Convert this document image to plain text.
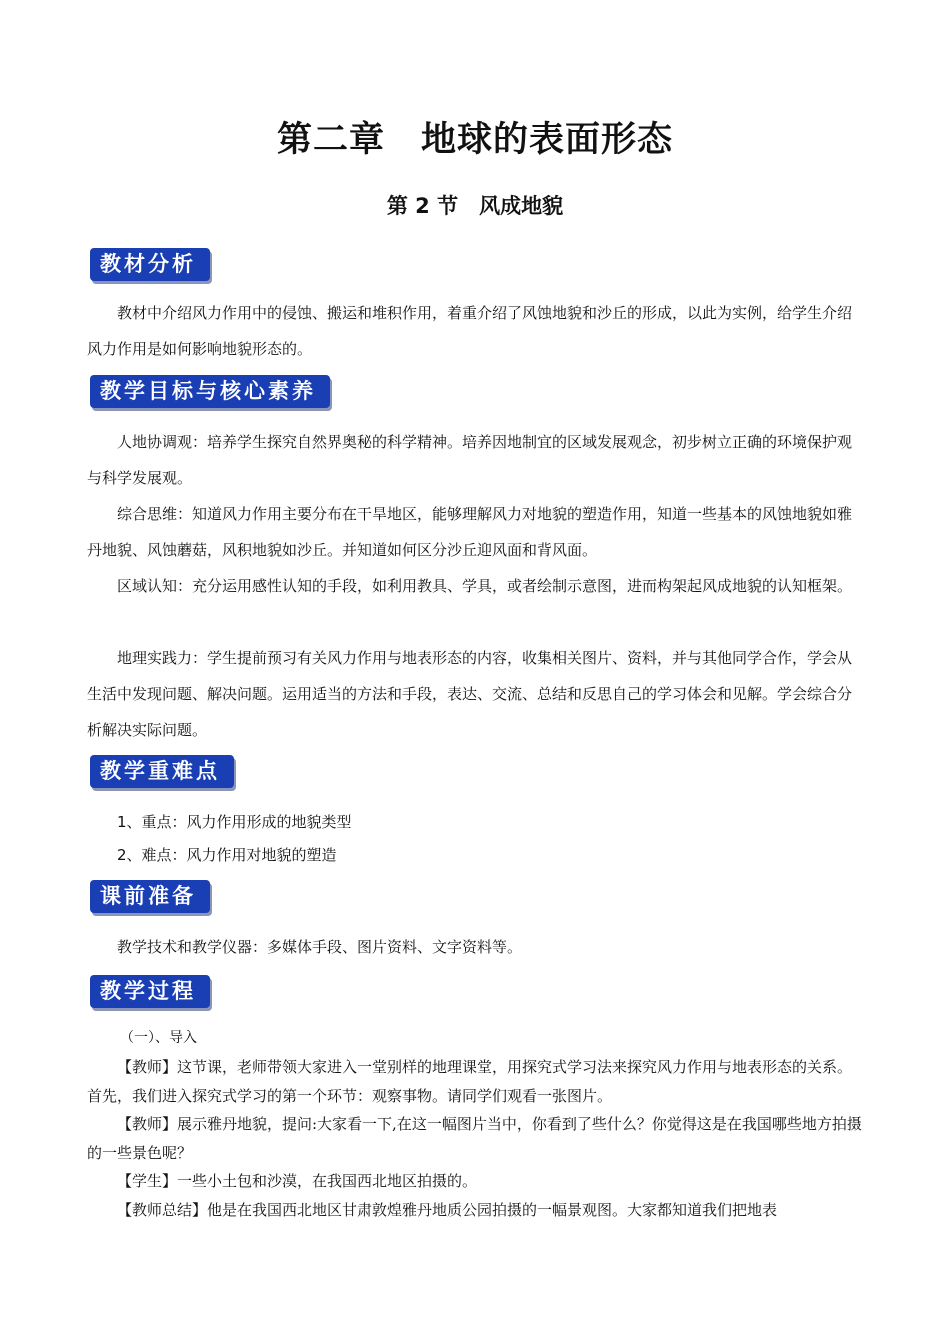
第二章　地球的表面形态
第 2 节　风成地貌
教材分析

教材中介绍风力作用中的侵蚀、搬运和堆积作用，着重介绍了风蚀地貌和沙丘的形成，以此为实例，给学生介绍风力作用是如何影响地貌形态的。

教学目标与核心素养

人地协调观：培养学生探究自然界奥秘的科学精神。培养因地制宜的区域发展观念，初步树立正确的环境保护观与科学发展观。

综合思维：知道风力作用主要分布在干旱地区，能够理解风力对地貌的塑造作用，知道一些基本的风蚀地貌如雅丹地貌、风蚀蘑菇，风积地貌如沙丘。并知道如何区分沙丘迎风面和背风面。

区域认知：充分运用感性认知的手段，如利用教具、学具，或者绘制示意图，进而构架起风成地貌的认知框架。

地理实践力：学生提前预习有关风力作用与地表形态的内容，收集相关图片、资料，并与其他同学合作，学会从生活中发现问题、解决问题。运用适当的方法和手段，表达、交流、总结和反思自己的学习体会和见解。学会综合分析解决实际问题。

教学重难点

1、重点：风力作用形成的地貌类型

2、难点：风力作用对地貌的塑造

课前准备

教学技术和教学仪器：多媒体手段、图片资料、文字资料等。

教学过程

（一）、导入

【教师】这节课，老师带领大家进入一堂别样的地理课堂，用探究式学习法来探究风力作用与地表形态的关系。首先，我们进入探究式学习的第一个环节：观察事物。请同学们观看一张图片。

【教师】展示雅丹地貌，提问:大家看一下,在这一幅图片当中，你看到了些什么？你觉得这是在我国哪些地方拍摄的一些景色呢？

【学生】一些小土包和沙漠，在我国西北地区拍摄的。

【教师总结】他是在我国西北地区甘肃敦煌雅丹地质公园拍摄的一幅景观图。大家都知道我们把地表
